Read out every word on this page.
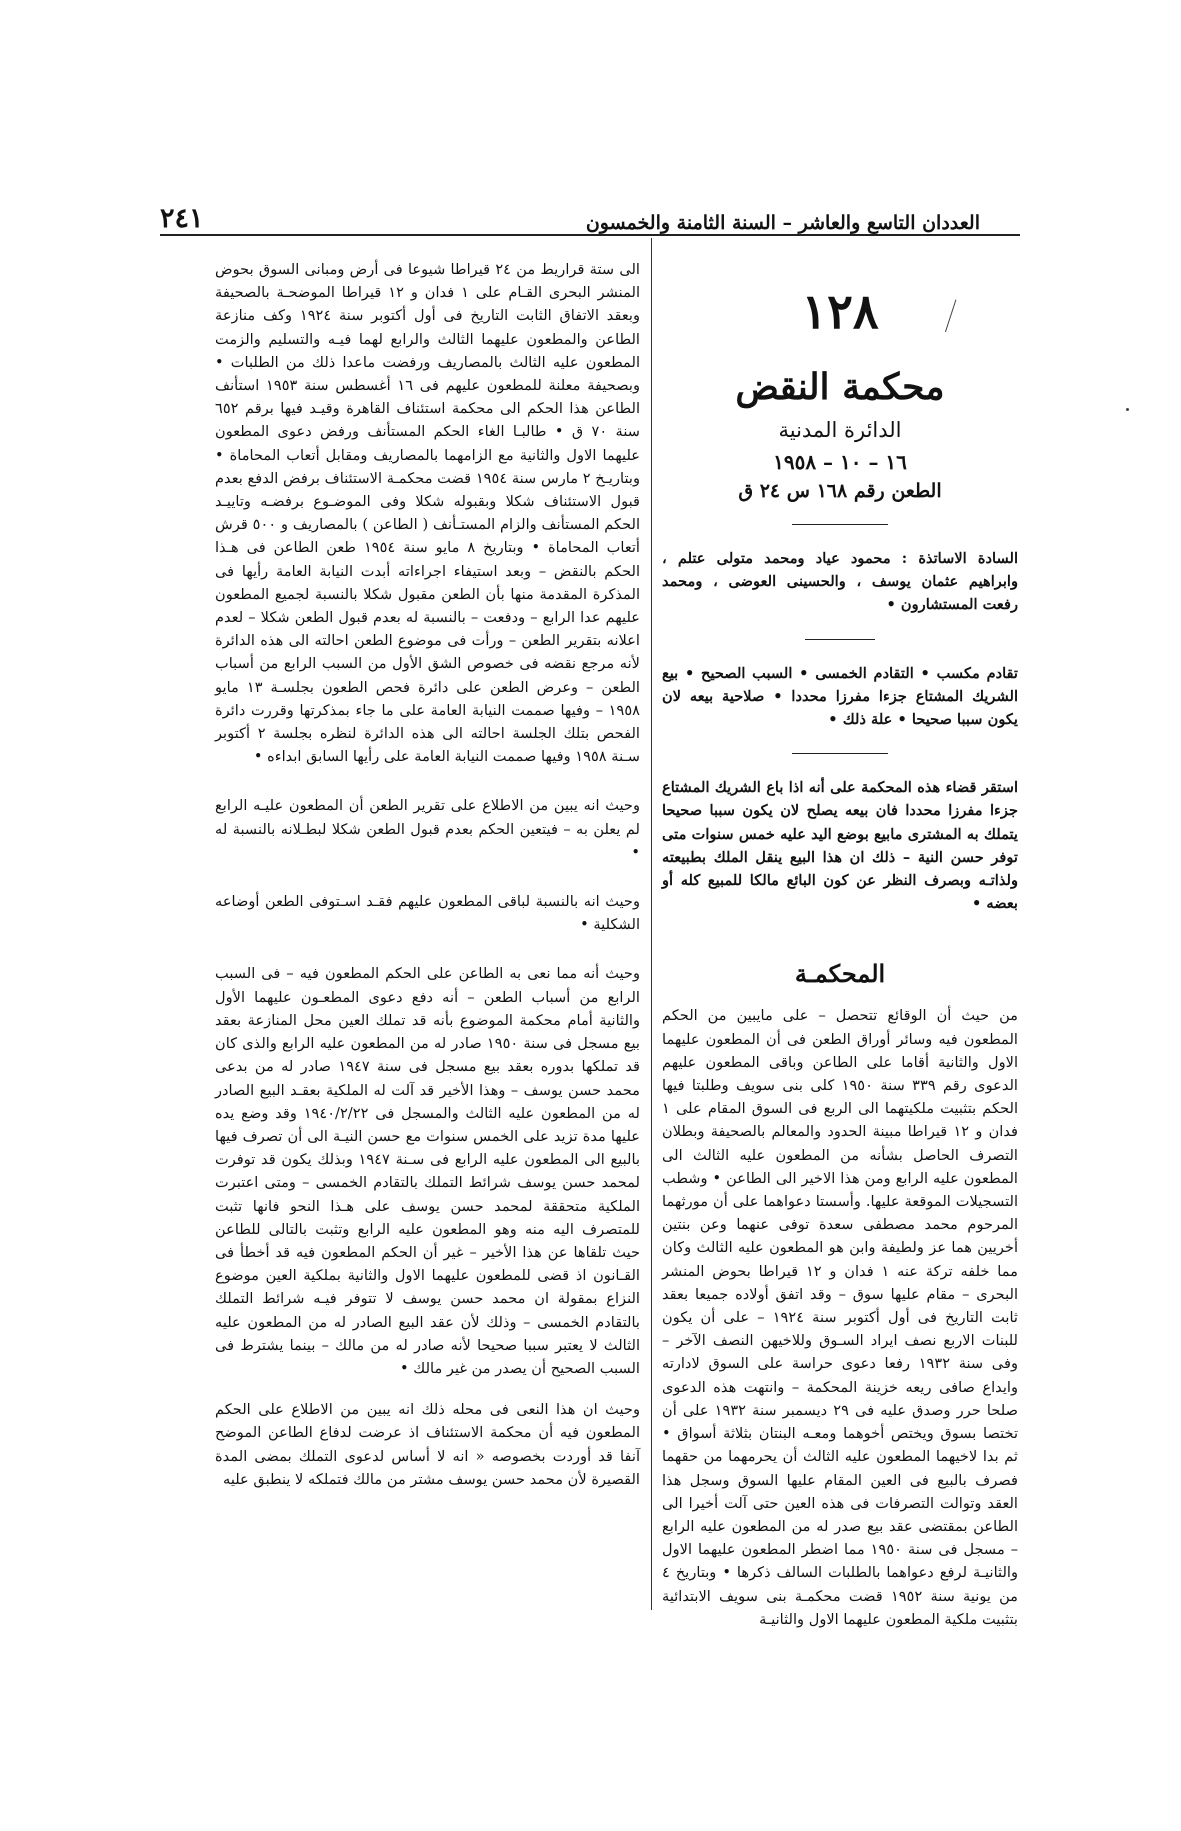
العددان التاسع والعاشر – السنة الثامنة والخمسون
٢٤١
١٢٨
محكمة النقض
الدائرة المدنية
١٦ – ١٠ – ١٩٥٨
الطعن رقم ١٦٨ س ٢٤ ق

السادة الاساتذة : محمود عياد ومحمد متولى عتلم ، وابراهيم عثمان يوسف ، والحسينى العوضى ، ومحمد رفعت المستشارون •

تقادم مكسب • التقادم الخمسى • السبب الصحيح • بيع الشريك المشتاع جزءا مفرزا محددا • صلاحية بيعه لان يكون سببا صحيحا • علة ذلك •

استقر قضاء هذه المحكمة على أنه اذا باع الشريك المشتاع جزءا مفرزا محددا فان بيعه يصلح لان يكون سببا صحيحا يتملك به المشترى مابيع بوضع اليد عليه خمس سنوات متى توفر حسن النية – ذلك ان هذا البيع ينقل الملك بطبيعته ولذاتـه وبصرف النظر عن كون البائع مالكا للمبيع كله أو بعضه •

المحكمـة

من حيث أن الوقائع تتحصل – على مايبين من الحكم المطعون فيه وسائر أوراق الطعن فى أن المطعون عليهما الاول والثانية أقاما على الطاعن وباقى المطعون عليهم الدعوى رقم ٣٣٩ سنة ١٩٥٠ كلى بنى سويف وطلبتا فيها الحكم بتثبيت ملكيتهما الى الربع فى السوق المقام على ١ فدان و ١٢ قيراطا مبينة الحدود والمعالم بالصحيفة وبطلان التصرف الحاصل بشأنه من المطعون عليه الثالث الى المطعون عليه الرابع ومن هذا الاخير الى الطاعن • وشطب التسجيلات الموقعة عليها. وأسستا دعواهما على أن مورثهما المرحوم محمد مصطفى سعدة توفى عنهما وعن بنتين أخريين هما عز ولطيفة وابن هو المطعون عليه الثالث وكان مما خلفه تركة عنه ١ فدان و ١٢ قيراطا بحوض المنشر البحرى – مقام عليها سوق – وقد اتفق أولاده جميعا بعقد ثابت التاريخ فى أول أكتوبر سنة ١٩٢٤ – على أن يكون للبنات الاربع نصف ايراد السـوق وللاخيهن النصف الآخر – وفى سنة ١٩٣٢ رفعا دعوى حراسة على السوق لادارته وايداع صافى ريعه خزينة المحكمة – وانتهت هذه الدعوى صلحا حرر وصدق عليه فى ٢٩ ديسمبر سنة ١٩٣٢ على أن تختصا بسوق ويختص أخوهما ومعـه البنتان بثلاثة أسواق • ثم بدا لاخيهما المطعون عليه الثالث أن يحرمهما من حقهما فصرف بالبيع فى العين المقام عليها السوق وسجل هذا العقد وتوالت التصرفات فى هذه العين حتى آلت أخيرا الى الطاعن بمقتضى عقد بيع صدر له من المطعون عليه الرابع – مسجل فى سنة ١٩٥٠ مما اضطر المطعون عليهما الاول والثانيـة لرفع دعواهما بالطلبات السالف ذكرها • وبتاريخ ٤ من يونية سنة ١٩٥٢ قضت محكمـة بنى سويف الابتدائية بتثبيت ملكية المطعون عليهما الاول والثانيـة

الى ستة قراريط من ٢٤ قيراطا شيوعا فى أرض ومبانى السوق بحوض المنشر البحرى القـام على ١ فدان و ١٢ قيراطا الموضحـة بالصحيفة وبعقد الاتفاق الثابت التاريخ فى أول أكتوبر سنة ١٩٢٤ وكف منازعة الطاعن والمطعون عليهما الثالث والرابع لهما فيـه والتسليم والزمت المطعون عليه الثالث بالمصاريف ورفضت ماعدا ذلك من الطلبات • وبصحيفة معلنة للمطعون عليهم فى ١٦ أغسطس سنة ١٩٥٣ استأنف الطاعن هذا الحكم الى محكمة استئناف القاهرة وقيـد فيها برقم ٦٥٢ سنة ٧٠ ق • طالبـا الغاء الحكم المستأنف ورفض دعوى المطعون عليهما الاول والثانية مع الزامهما بالمصاريف ومقابل أتعاب المحاماة • وبتاريـخ ٢ مارس سنة ١٩٥٤ قضت محكمـة الاستئناف برفض الدفع بعدم قبول الاستئناف شكلا وبقبوله شكلا وفى الموضـوع برفضـه وتاييـد الحكم المستأنف والزام المستـأنف ( الطاعن ) بالمصاريف و ٥٠٠ قرش أتعاب المحاماة • وبتاريخ ٨ مايو سنة ١٩٥٤ طعن الطاعن فى هـذا الحكم بالنقض – وبعد استيفاء اجراءاته أبدت النيابة العامة رأيها فى المذكرة المقدمة منها بأن الطعن مقبول شكلا بالنسبة لجميع المطعون عليهم عدا الرابع – ودفعت – بالنسبة له بعدم قبول الطعن شكلا – لعدم اعلانه بتقرير الطعن – ورأت فى موضوع الطعن احالته الى هذه الدائرة لأنه مرجع نقضه فى خصوص الشق الأول من السبب الرابع من أسباب الطعن – وعرض الطعن على دائرة فحص الطعون بجلسـة ١٣ مايو ١٩٥٨ – وفيها صممت النيابة العامة على ما جاء بمذكرتها وقررت دائرة الفحص بتلك الجلسة احالته الى هذه الدائرة لنظره بجلسة ٢ أكتوبر سـنة ١٩٥٨ وفيها صممت النيابة العامة على رأيها السابق ابداءه •

وحيث انه يبين من الاطلاع على تقرير الطعن أن المطعون عليـه الرابع لم يعلن به – فيتعين الحكم بعدم قبول الطعن شكلا لبطـلانه بالنسبة له •

وحيث انه بالنسبة لباقى المطعون عليهم فقـد اسـتوفى الطعن أوضاعه الشكلية •

وحيث أنه مما نعى به الطاعن على الحكم المطعون فيه – فى السبب الرابع من أسباب الطعن – أنه دفع دعوى المطعـون عليهما الأول والثانية أمام محكمة الموضوع بأنه قد تملك العين محل المنازعة بعقد بيع مسجل فى سنة ١٩٥٠ صادر له من المطعون عليه الرابع والذى كان قد تملكها بدوره بعقد بيع مسجل فى سنة ١٩٤٧ صادر له من بدعى محمد حسن يوسف – وهذا الأخير قد آلت له الملكية بعقـد البيع الصادر له من المطعون عليه الثالث والمسجل فى ١٩٤٠/٢/٢٢ وقد وضع يده عليها مدة تزيد على الخمس سنوات مع حسن النيـة الى أن تصرف فيها بالبيع الى المطعون عليه الرابع فى سـنة ١٩٤٧ وبذلك يكون قد توفرت لمحمد حسن يوسف شرائط التملك بالتقادم الخمسى – ومتى اعتبرت الملكية متحققة لمحمد حسن يوسف على هـذا النحو فانها تثبت للمتصرف اليه منه وهو المطعون عليه الرابع وتثبت بالتالى للطاعن حيث تلقاها عن هذا الأخير – غير أن الحكم المطعون فيه قد أخطأ فى القـانون اذ قضى للمطعون عليهما الاول والثانية بملكية العين موضوع النزاع بمقولة ان محمد حسن يوسف لا تتوفر فيـه شرائط التملك بالتقادم الخمسى – وذلك لأن عقد البيع الصادر له من المطعون عليه الثالث لا يعتبر سببا صحيحا لأنه صادر له من مالك – بينما يشترط فى السبب الصحيح أن يصدر من غير مالك •

وحيث ان هذا النعى فى محله ذلك انه يبين من الاطلاع على الحكم المطعون فيه أن محكمة الاستئناف اذ عرضت لدفاع الطاعن الموضح آنفا قد أوردت بخصوصه « انه لا أساس لدعوى التملك بمضى المدة القصيرة لأن محمد حسن يوسف مشتر من مالك فتملكه لا ينطبق عليه
